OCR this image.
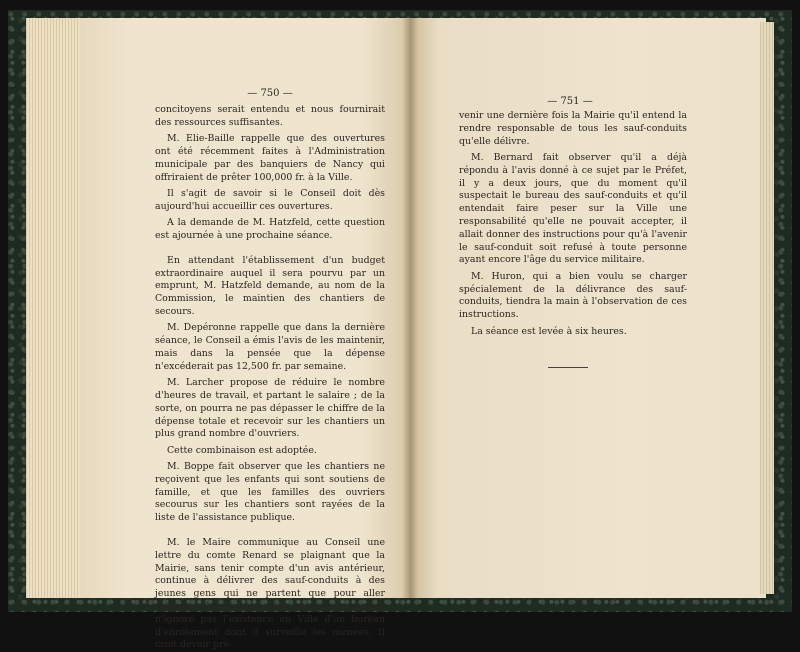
— 750 —

concitoyens serait entendu et nous fournirait des ressources suffisantes.

M. Elie-Baille rappelle que des ouvertures ont été récemment faites à l'Administration municipale par des banquiers de Nancy qui offriraient de prêter 100,000 fr. à la Ville.

Il s'agit de savoir si le Conseil doit dès aujourd'hui accueillir ces ouvertures.

A la demande de M. Hatzfeld, cette question est ajournée à une prochaine séance.

En attendant l'établissement d'un budget extraordinaire auquel il sera pourvu par un emprunt, M. Hatzfeld demande, au nom de la Commission, le maintien des chantiers de secours.

M. Depéronne rappelle que dans la dernière séance, le Conseil a émis l'avis de les maintenir, mais dans la pensée que la dépense n'excéderait pas 12,500 fr. par semaine.

M. Larcher propose de réduire le nombre d'heures de travail, et partant le salaire ; de la sorte, on pourra ne pas dépasser le chiffre de la dépense totale et recevoir sur les chantiers un plus grand nombre d'ouvriers.

Cette combinaison est adoptée.

M. Boppe fait observer que les chantiers ne reçoivent que les enfants qui sont soutiens de famille, et que les familles des ouvriers secourus sur les chantiers sont rayées de la liste de l'assistance publique.

M. le Maire communique au Conseil une lettre du comte Renard se plaignant que la Mairie, sans tenir compte d'un avis antérieur, continue à délivrer des sauf-conduits à des jeunes gens qui ne partent que pour aller rejoindre l'armée française, et annonçant qu'il n'ignore pas l'existence en Ville d'un bureau d'enrôlement dont il surveille les menées. Il croit devoir pré-

— 751 —

venir une dernière fois la Mairie qu'il entend la rendre responsable de tous les sauf-conduits qu'elle délivre.

M. Bernard fait observer qu'il a déjà répondu à l'avis donné à ce sujet par le Préfet, il y a deux jours, que du moment qu'il suspectait le bureau des sauf-conduits et qu'il entendait faire peser sur la Ville une responsabilité qu'elle ne pouvait accepter, il allait donner des instructions pour qu'à l'avenir le sauf-conduit soit refusé à toute personne ayant encore l'âge du service militaire.

M. Huron, qui a bien voulu se charger spécialement de la délivrance des sauf-conduits, tiendra la main à l'observation de ces instructions.

La séance est levée à six heures.
